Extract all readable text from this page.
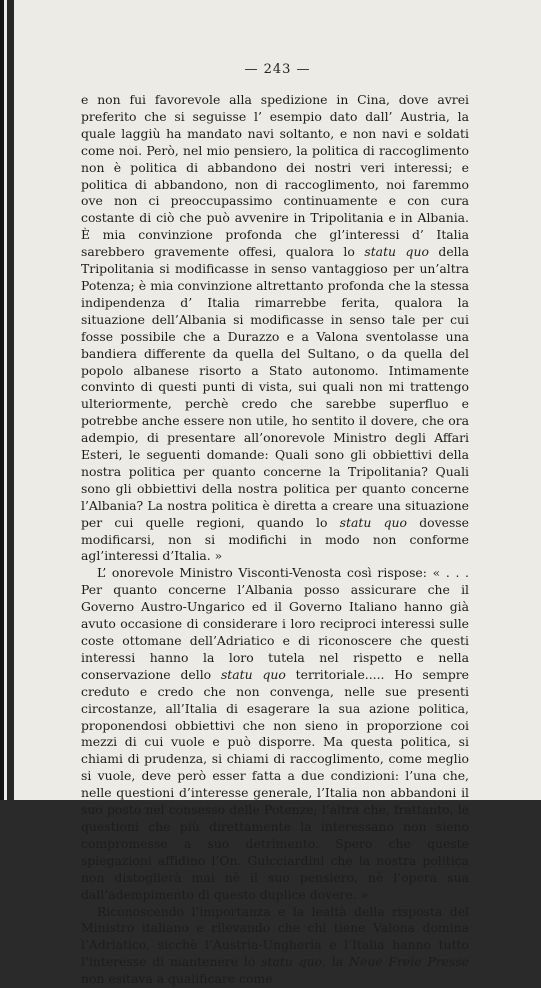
— 243 —

e non fui favorevole alla spedizione in Cina, dove avrei preferito che si seguisse l’ esempio dato dall’ Austria, la quale laggiù ha mandato navi soltanto, e non navi e soldati come noi. Però, nel mio pensiero, la politica di raccoglimento non è politica di abbandono dei nostri veri interessi; e politica di abbandono, non di raccoglimento, noi faremmo ove non ci preoccupassimo continuamente e con cura costante di ciò che può avvenire in Tripolitania e in Albania. È mia convinzione profonda che gl’interessi d’ Italia sarebbero gravemente offesi, qualora lo statu quo della Tripolitania si modificasse in senso vantaggioso per un’altra Potenza; è mia convinzione altrettanto profonda che la stessa indipendenza d’ Italia rimarrebbe ferita, qualora la situazione dell’Albania si modificasse in senso tale per cui fosse possibile che a Durazzo e a Valona sventolasse una bandiera differente da quella del Sultano, o da quella del popolo albanese risorto a Stato autonomo. Intimamente convinto di questi punti di vista, sui quali non mi trattengo ulteriormente, perchè credo che sarebbe superfluo e potrebbe anche essere non utile, ho sentito il dovere, che ora adempio, di presentare all’onorevole Ministro degli Affari Esteri, le seguenti domande: Quali sono gli obbiettivi della nostra politica per quanto concerne la Tripolitania? Quali sono gli obbiettivi della nostra politica per quanto concerne l’Albania? La nostra politica è diretta a creare una situazione per cui quelle regioni, quando lo statu quo dovesse modificarsi, non si modifichi in modo non conforme agl’interessi d’Italia. »

L’ onorevole Ministro Visconti-Venosta così rispose: « . . . Per quanto concerne l’Albania posso assicurare che il Governo Austro-Ungarico ed il Governo Italiano hanno già avuto occasione di considerare i loro reciproci interessi sulle coste ottomane dell’Adriatico e di riconoscere che questi interessi hanno la loro tutela nel rispetto e nella conservazione dello statu quo territoriale..... Ho sempre creduto e credo che non convenga, nelle sue presenti circostanze, all’Italia di esagerare la sua azione politica, proponendosi obbiettivi che non sieno in proporzione coi mezzi di cui vuole e può disporre. Ma questa politica, si chiami di prudenza, si chiami di raccoglimento, come meglio si vuole, deve però esser fatta a due condizioni: l’una che, nelle questioni d’interesse generale, l’Italia non abbandoni il suo posto nel consesso delle Potenze; l’altra che, frattanto, le questioni che più direttamente la interessano non sieno compromesse a suo detrimento. Spero che queste spiegazioni affidino l’On. Guicciardini che la nostra politica non distoglierà mai nè il suo pensiero, nè l’opera sua dall’adempimento di questo duplice dovere. »

Riconoscendo l’importanza e la lealtà della risposta del Ministro italiano e rilevando che chi tiene Valona domina l’Adriatico, sicchè l’Austria-Ungheria e l’Italia hanno tutto l’interesse di mantenere lo statu quo, la Neue Freie Presse non esitava a qualificare come
